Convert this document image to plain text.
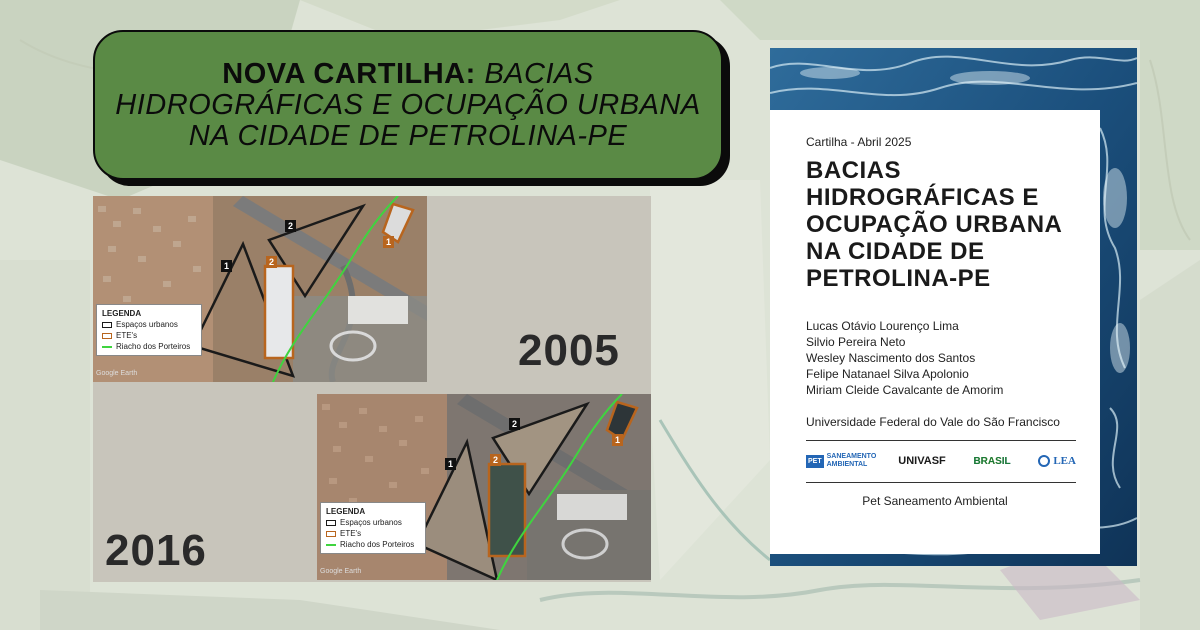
NOVA CARTILHA: BACIAS HIDROGRÁFICAS E OCUPAÇÃO URBANA NA CIDADE DE PETROLINA-PE
LEGENDA
Espaços urbanos
ETE's
Riacho dos Porteiros
Google Earth
1
2
2
1
2005
LEGENDA
Espaços urbanos
ETE's
Riacho dos Porteiros
Google Earth
1
2
2
1
2016
Cartilha - Abril 2025
BACIAS HIDROGRÁFICAS E OCUPAÇÃO URBANA NA CIDADE DE PETROLINA-PE
Lucas Otávio Lourenço Lima
Silvio Pereira Neto
Wesley Nascimento dos Santos
Felipe Natanael Silva Apolonio
Miriam Cleide Cavalcante de Amorim
Universidade Federal do Vale do São Francisco
PET
SANEAMENTO AMBIENTAL	UNIVASF	BRASIL	LEA
Pet Saneamento Ambiental
PET
